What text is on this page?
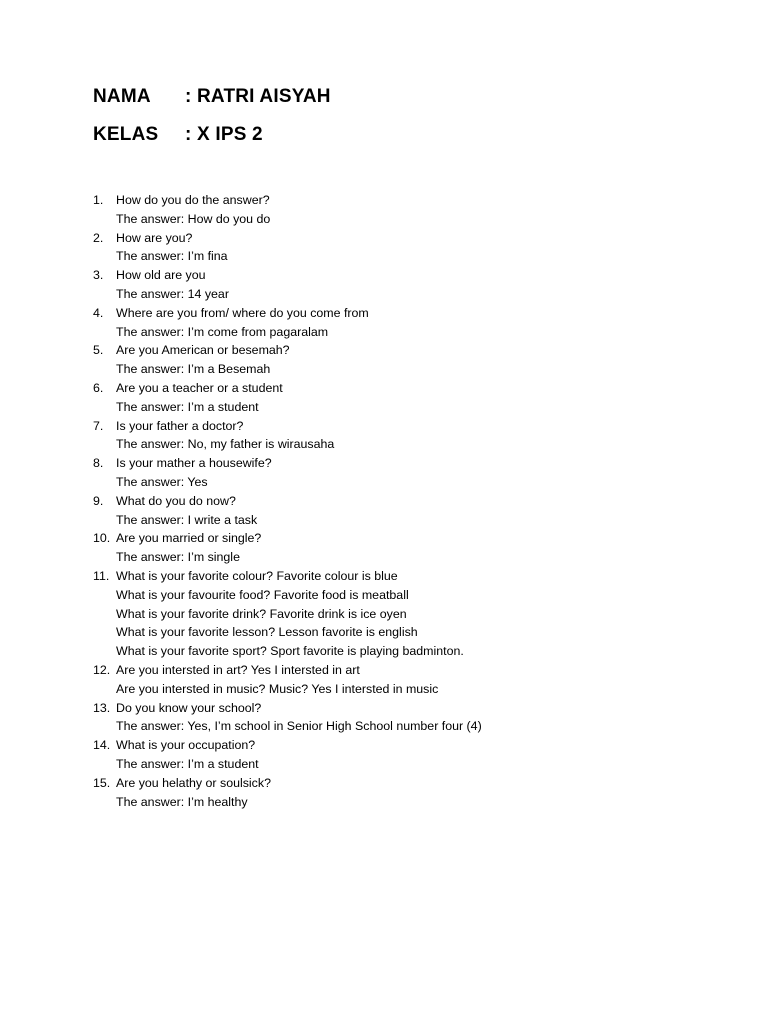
NAMA	: RATRI AISYAH
KELAS	: X IPS 2
1.	How do you do the answer?
The answer: How do you do
2.	How are you?
The answer: I’m fina
3.	How old are you
The answer: 14 year
4.	Where are you from/ where do you come from
The answer: I’m come from pagaralam
5.	Are you American or besemah?
The answer: I’m a Besemah
6.	Are you a teacher or a student
The answer: I’m a student
7.	Is your father a doctor?
The answer: No, my father is wirausaha
8.	Is your mather a housewife?
The answer: Yes
9.	What do you do now?
The answer: I write a task
10. Are you married or single?
The answer: I’m single
11. What is your favorite colour? Favorite colour is blue
What is your favourite food? Favorite food is meatball
What is your favorite drink? Favorite drink is ice oyen
What is your favorite lesson? Lesson favorite is english
What is your favorite sport? Sport favorite is playing badminton.
12. Are you intersted in art? Yes I intersted in art
Are you intersted in music? Music? Yes I intersted in music
13. Do you know your school?
The answer: Yes, I’m school in Senior High School number four (4)
14. What is your occupation?
The answer: I’m a student
15. Are you helathy or soulsick?
The answer: I’m healthy
